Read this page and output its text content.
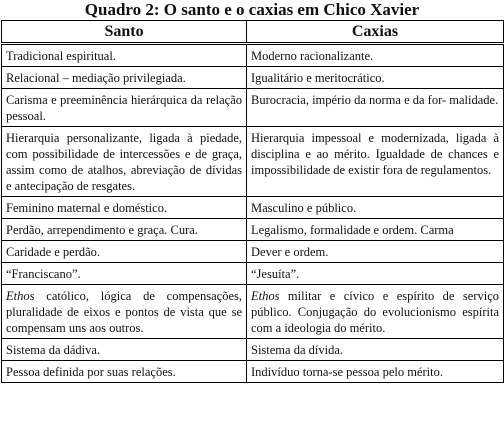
Quadro 2: O santo e o caxias em Chico Xavier
Santo	Caxias
Tradicional espiritual.	Moderno racionalizante.
Relacional – mediação privilegiada.	Igualitário e meritocrático.
Carisma e preeminência hierárquica da relação pessoal.	Burocracia, império da norma e da for- malidade.
Hierarquia personalizante, ligada à piedade, com possibilidade de intercessões e de graça, assim como de atalhos, abreviação de dívidas e antecipação de resgates.	Hierarquia impessoal e modernizada, ligada à disciplina e ao mérito. Igualdade de chances e impossibilidade de existir fora de regulamentos.
Feminino maternal e doméstico.	Masculino e público.
Perdão, arrependimento e graça. Cura.	Legalismo, formalidade e ordem. Carma
Caridade e perdão.	Dever e ordem.
“Franciscano”.	“Jesuíta”.
Ethos católico, lógica de compensações, pluralidade de eixos e pontos de vista que se compensam uns aos outros.	Ethos militar e cívico e espírito de serviço público. Conjugação do evolucionismo espírita com a ideologia do mérito.
Sistema da dádiva.	Sistema da dívida.
Pessoa definida por suas relações.	Indivíduo torna-se pessoa pelo mérito.
